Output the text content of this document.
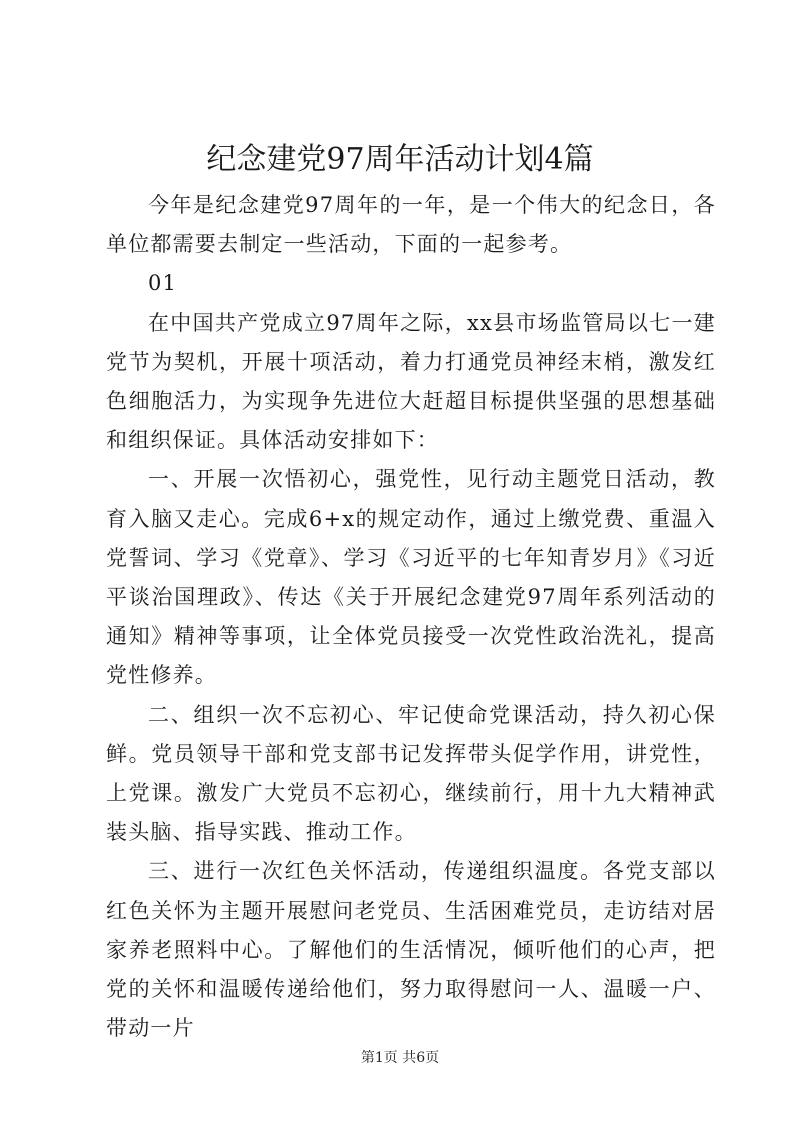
纪念建党97周年活动计划4篇

今年是纪念建党97周年的一年，是一个伟大的纪念日，各单位都需要去制定一些活动，下面的一起参考。

01

在中国共产党成立97周年之际，xx县市场监管局以七一建党节为契机，开展十项活动，着力打通党员神经末梢，激发红色细胞活力，为实现争先进位大赶超目标提供坚强的思想基础和组织保证。具体活动安排如下：

一、开展一次悟初心，强党性，见行动主题党日活动，教育入脑又走心。完成6+x的规定动作，通过上缴党费、重温入党誓词、学习《党章》、学习《习近平的七年知青岁月》《习近平谈治国理政》、传达《关于开展纪念建党97周年系列活动的通知》精神等事项，让全体党员接受一次党性政治洗礼，提高党性修养。

二、组织一次不忘初心、牢记使命党课活动，持久初心保鲜。党员领导干部和党支部书记发挥带头促学作用，讲党性，上党课。激发广大党员不忘初心，继续前行，用十九大精神武装头脑、指导实践、推动工作。

三、进行一次红色关怀活动，传递组织温度。各党支部以红色关怀为主题开展慰问老党员、生活困难党员，走访结对居家养老照料中心。了解他们的生活情况，倾听他们的心声，把党的关怀和温暖传递给他们，努力取得慰问一人、温暖一户、带动一片

第1页 共6页
